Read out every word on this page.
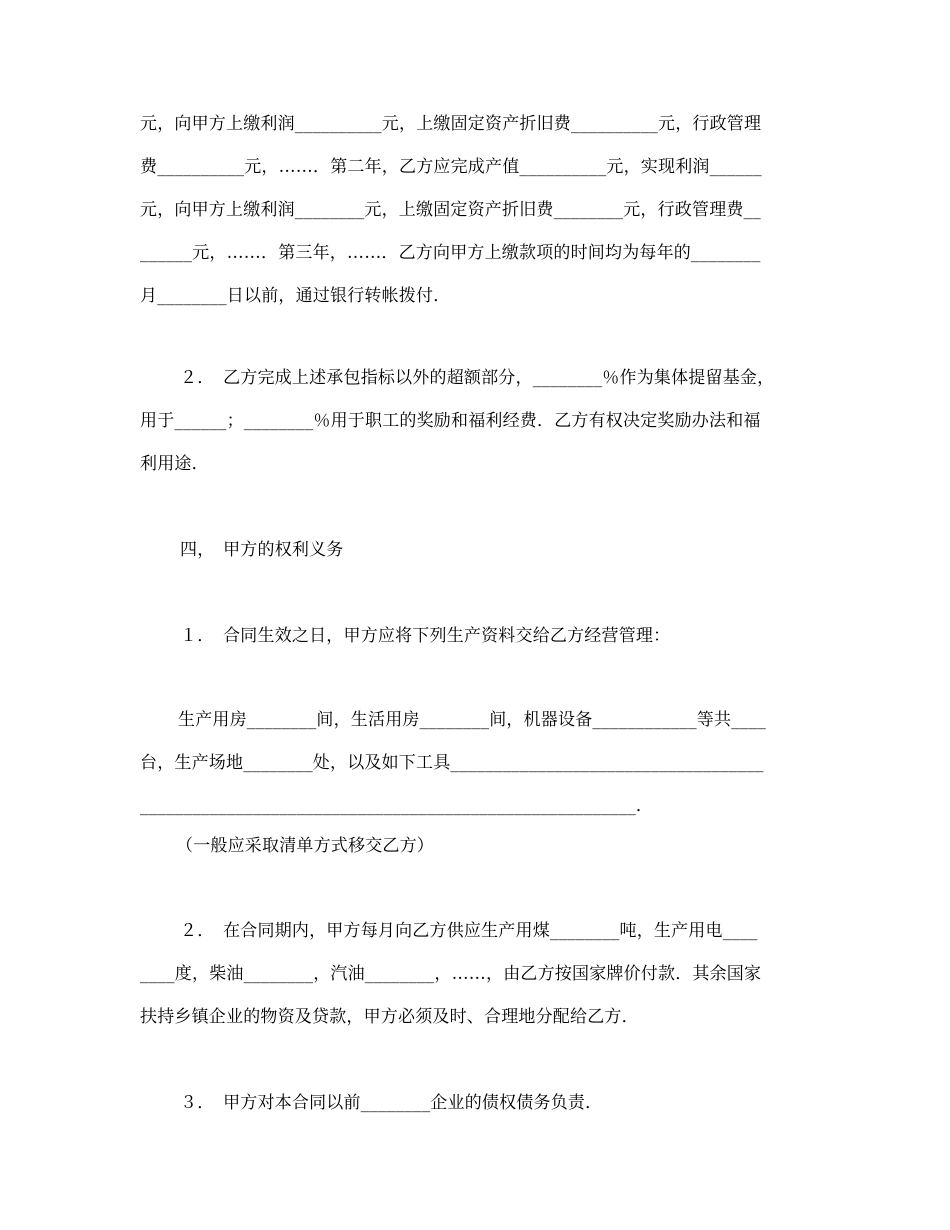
元，向甲方上缴利润__________元，上缴固定资产折旧费__________元，行政管理
费__________元，……．第二年，乙方应完成产值__________元，实现利润______
元，向甲方上缴利润________元，上缴固定资产折旧费________元，行政管理费__
______元，……．第三年，……．乙方向甲方上缴款项的时间均为每年的________
月________日以前，通过银行转帐拨付．
２．　乙方完成上述承包指标以外的超额部分，________％作为集体提留基金，
用于______；________％用于职工的奖励和福利经费．乙方有权决定奖励办法和福
利用途．
四，　甲方的权利义务
１．　合同生效之日，甲方应将下列生产资料交给乙方经营管理：
生产用房________间，生活用房________间，机器设备____________等共____
台，生产场地________处，以及如下工具____________________________________
_________________________________________________________．
（一般应采取清单方式移交乙方）
２．　在合同期内，甲方每月向乙方供应生产用煤________吨，生产用电____
____度，柴油________，汽油________，……，由乙方按国家牌价付款．其余国家
扶持乡镇企业的物资及贷款，甲方必须及时、合理地分配给乙方．
３．　甲方对本合同以前________企业的债权债务负责．
